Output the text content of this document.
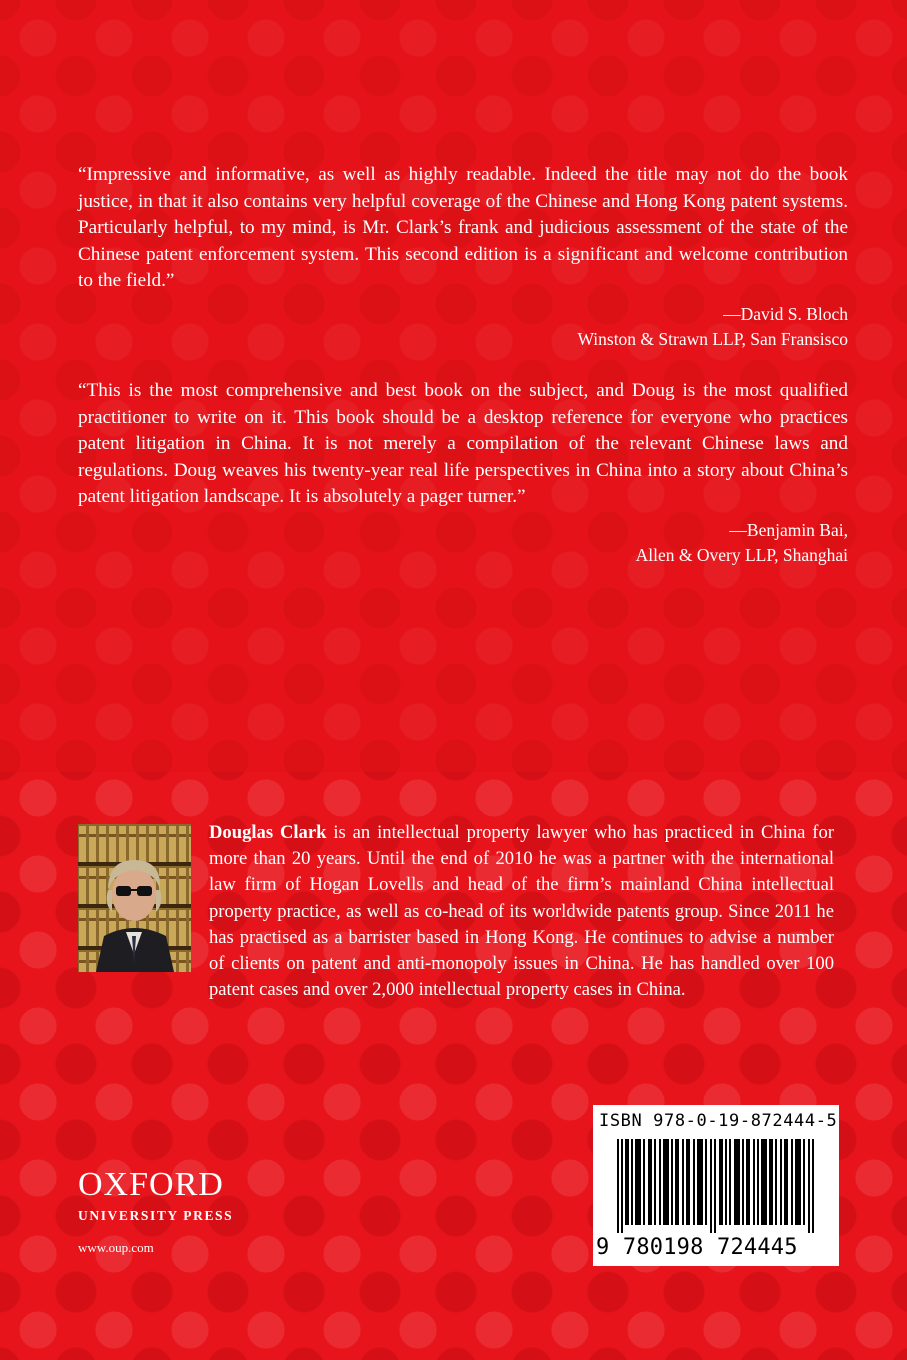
“Impressive and informative, as well as highly readable. Indeed the title may not do the book justice, in that it also contains very helpful coverage of the Chinese and Hong Kong patent systems. Particularly helpful, to my mind, is Mr. Clark’s frank and judicious assessment of the state of the Chinese patent enforcement system. This second edition is a significant and welcome contribution to the field.”

—David S. Bloch
Winston & Strawn LLP, San Fransisco

“This is the most comprehensive and best book on the subject, and Doug is the most qualified practitioner to write on it. This book should be a desktop reference for everyone who practices patent litigation in China. It is not merely a compilation of the relevant Chinese laws and regulations. Doug weaves his twenty-year real life perspectives in China into a story about China’s patent litigation landscape. It is absolutely a pager turner.”

—Benjamin Bai,
Allen & Overy LLP, Shanghai
Douglas Clark is an intellectual property lawyer who has practiced in China for more than 20 years. Until the end of 2010 he was a partner with the international law firm of Hogan Lovells and head of the firm’s mainland China intellectual property practice, as well as co-head of its worldwide patents group. Since 2011 he has practised as a barrister based in Hong Kong. He continues to advise a number of clients on patent and anti-monopoly issues in China. He has handled over 100 patent cases and over 2,000 intellectual property cases in China.
OXFORD
UNIVERSITY PRESS
www.oup.com
ISBN 978-0-19-872444-5
9 780198 724445
